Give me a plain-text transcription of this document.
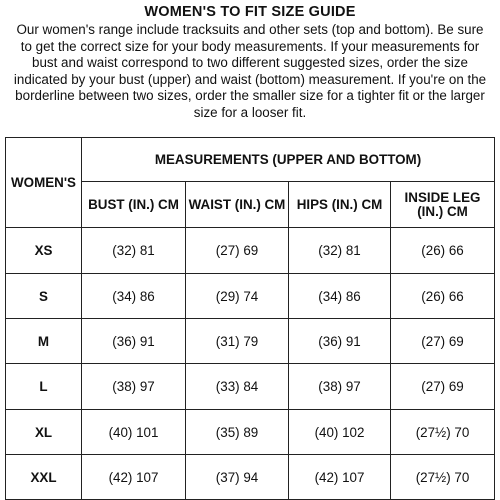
WOMEN'S TO FIT SIZE GUIDE
Our women's range include tracksuits and other sets (top and bottom). Be sure to get the correct size for your body measurements. If your measurements for bust and waist correspond to two different suggested sizes, order the size indicated by your bust (upper) and waist (bottom) measurement. If you're on the borderline between two sizes, order the smaller size for a tighter fit or the larger size for a looser fit.
WOMEN'S	MEASUREMENTS (UPPER AND BOTTOM)			
	BUST (IN.) CM	WAIST (IN.) CM	HIPS (IN.) CM	INSIDE LEG (IN.) CM
XS	(32) 81	(27) 69	(32) 81	(26) 66
S	(34) 86	(29) 74	(34) 86	(26) 66
M	(36) 91	(31) 79	(36) 91	(27) 69
L	(38) 97	(33) 84	(38) 97	(27) 69
XL	(40) 101	(35) 89	(40) 102	(27½) 70
XXL	(42) 107	(37) 94	(42) 107	(27½) 70
